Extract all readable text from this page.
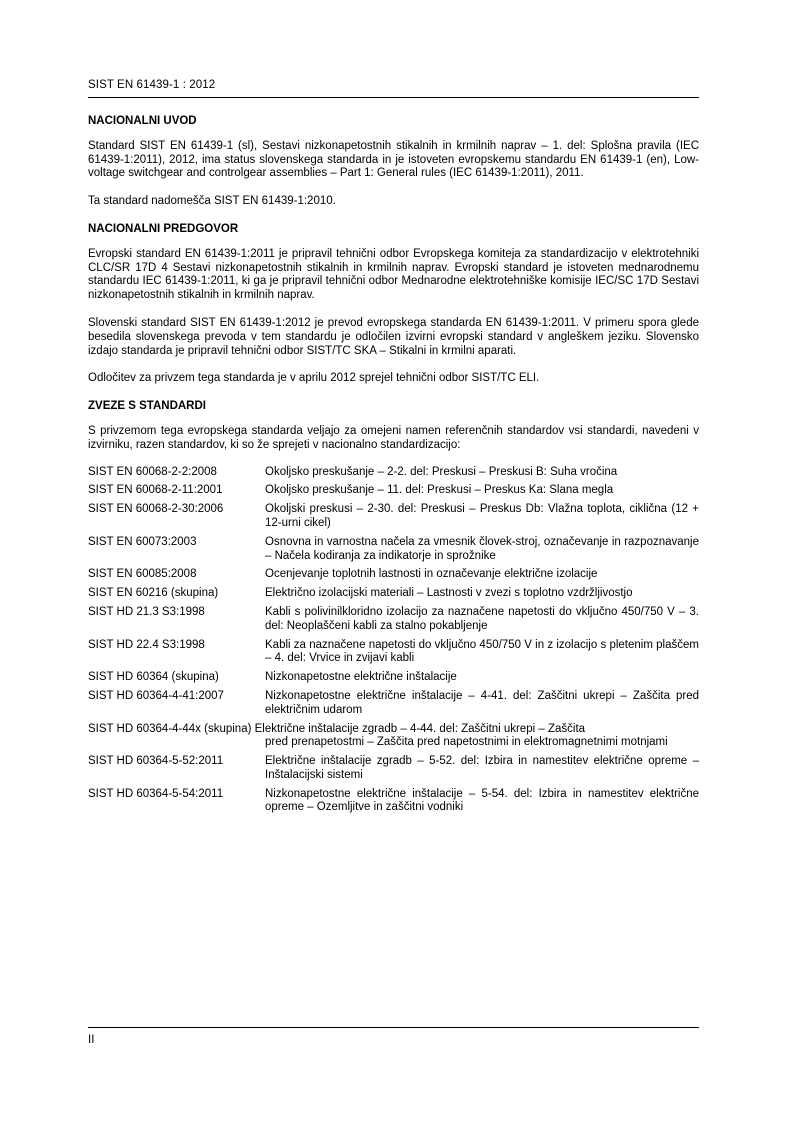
SIST EN 61439-1 : 2012
NACIONALNI UVOD

Standard SIST EN 61439-1 (sl), Sestavi nizkonapetostnih stikalnih in krmilnih naprav – 1. del: Splošna pravila (IEC 61439-1:2011), 2012, ima status slovenskega standarda in je istoveten evropskemu standardu EN 61439-1 (en), Low-voltage switchgear and controlgear assemblies – Part 1: General rules (IEC 61439-1:2011), 2011.

Ta standard nadomešča SIST EN 61439-1:2010.

NACIONALNI PREDGOVOR

Evropski standard EN 61439-1:2011 je pripravil tehnični odbor Evropskega komiteja za standardizacijo v elektrotehniki CLC/SR 17D 4 Sestavi nizkonapetostnih stikalnih in krmilnih naprav. Evropski standard je istoveten mednarodnemu standardu IEC 61439-1:2011, ki ga je pripravil tehnični odbor Mednarodne elektrotehniške komisije IEC/SC 17D Sestavi nizkonapetostnih stikalnih in krmilnih naprav.

Slovenski standard SIST EN 61439-1:2012 je prevod evropskega standarda EN 61439-1:2011. V primeru spora glede besedila slovenskega prevoda v tem standardu je odločilen izvirni evropski standard v angleškem jeziku. Slovensko izdajo standarda je pripravil tehnični odbor SIST/TC SKA – Stikalni in krmilni aparati.

Odločitev za privzem tega standarda je v aprilu 2012 sprejel tehnični odbor SIST/TC ELI.

ZVEZE S STANDARDI

S privzemom tega evropskega standarda veljajo za omejeni namen referenčnih standardov vsi standardi, navedeni v izvirniku, razen standardov, ki so že sprejeti v nacionalno standardizacijo:

SIST EN 60068-2-2:2008	Okoljsko preskušanje – 2-2. del: Preskusi – Preskusi B: Suha vročina
SIST EN 60068-2-11:2001	Okoljsko preskušanje – 11. del: Preskusi – Preskus Ka: Slana megla
SIST EN 60068-2-30:2006	Okoljski preskusi – 2-30. del: Preskusi – Preskus Db: Vlažna toplota, ciklična (12 + 12-urni cikel)
SIST EN 60073:2003	Osnovna in varnostna načela za vmesnik človek-stroj, označevanje in razpoznavanje – Načela kodiranja za indikatorje in sprožnike
SIST EN 60085:2008	Ocenjevanje toplotnih lastnosti in označevanje električne izolacije
SIST EN 60216 (skupina)	Električno izolacijski materiali – Lastnosti v zvezi s toplotno vzdržljivostjo
SIST HD 21.3 S3:1998	Kabli s polivinilkloridno izolacijo za naznačene napetosti do vključno 450/750 V – 3. del: Neoplaščeni kabli za stalno pokabljenje
SIST HD 22.4 S3:1998	Kabli za naznačene napetosti do vključno 450/750 V in z izolacijo s pletenim plaščem – 4. del: Vrvice in zvijavi kabli
SIST HD 60364 (skupina)	Nizkonapetostne električne inštalacije
SIST HD 60364-4-41:2007	Nizkonapetostne električne inštalacije – 4-41. del: Zaščitni ukrepi – Zaščita pred električnim udarom

SIST HD 60364-4-44x (skupina) Električne inštalacije zgradb – 4-44. del: Zaščitni ukrepi – Zaščita
pred prenapetostmi – Zaščita pred napetostnimi in elektromagnetnimi motnjami	

SIST HD 60364-5-52:2011	Električne inštalacije zgradb – 5-52. del: Izbira in namestitev električne opreme – Inštalacijski sistemi
SIST HD 60364-5-54:2011	Nizkonapetostne električne inštalacije – 5-54. del: Izbira in namestitev električne opreme – Ozemljitve in zaščitni vodniki
II
